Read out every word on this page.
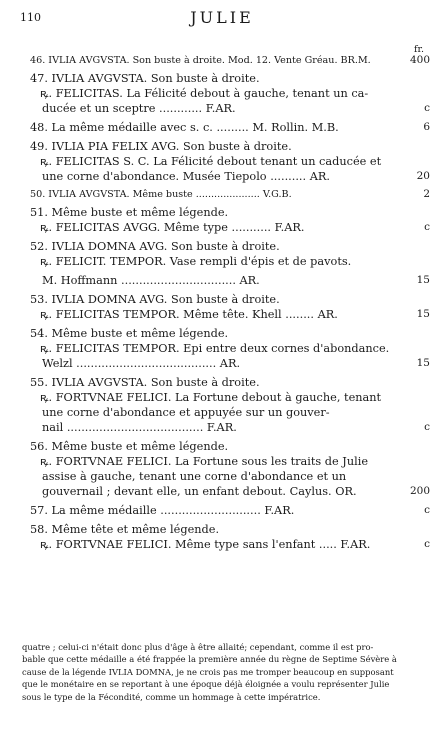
110	JULIE
fr.
46. IVLIA AVGVSTA. Son buste à droite. Mod. 12. Vente Gréau. BR.M.	400
47. IVLIA AVGVSTA. Son buste à droite.
ꝶ. FELICITAS. La Félicité debout à gauche, tenant un ca-
ducée et un sceptre ............ F.AR.	c
48. La même médaille avec s. c. ......... M. Rollin. M.B.	6
49. IVLIA PIA FELIX AVG. Son buste à droite.
ꝶ. FELICITAS S. C. La Félicité debout tenant un caducée et
une corne d'abondance. Musée Tiepolo .......... AR.	20
50. IVLIA AVGVSTA. Même buste ..................... V.G.B.	2
51. Même buste et même légende.
ꝶ. FELICITAS AVGG. Même type ........... F.AR.	c
52. IVLIA DOMNA AVG. Son buste à droite.
ꝶ. FELICIT. TEMPOR. Vase rempli d'épis et de pavots.
M. Hoffmann ................................ AR.	15
53. IVLIA DOMNA AVG. Son buste à droite.
ꝶ. FELICITAS TEMPOR. Même tête. Khell ........ AR.	15
54. Même buste et même légende.
ꝶ. FELICITAS TEMPOR. Epi entre deux cornes d'abondance.
Welzl ....................................... AR.	15
55. IVLIA AVGVSTA. Son buste à droite.
ꝶ. FORTVNAE FELICI. La Fortune debout à gauche, tenant
une corne d'abondance et appuyée sur un gouver-
nail ...................................... F.AR.	c
56. Même buste et même légende.
ꝶ. FORTVNAE FELICI. La Fortune sous les traits de Julie
assise à gauche, tenant une corne d'abondance et un
gouvernail ; devant elle, un enfant debout. Caylus. OR.	200
57. La même médaille ............................ F.AR.	c
58. Même tête et même légende.
ꝶ. FORTVNAE FELICI. Même type sans l'enfant ..... F.AR.	c
quatre ; celui-ci n'était donc plus d'âge à être allaité; cependant, comme il est pro-
bable que cette médaille a été frappée la première année du règne de Septime Sévère à
cause de la légende IVLIA DOMNA, je ne crois pas me tromper beaucoup en supposant
que le monétaire en se reportant à une époque déjà éloignée a voulu représenter Julie
sous le type de la Fécondité, comme un hommage à cette impératrice.
